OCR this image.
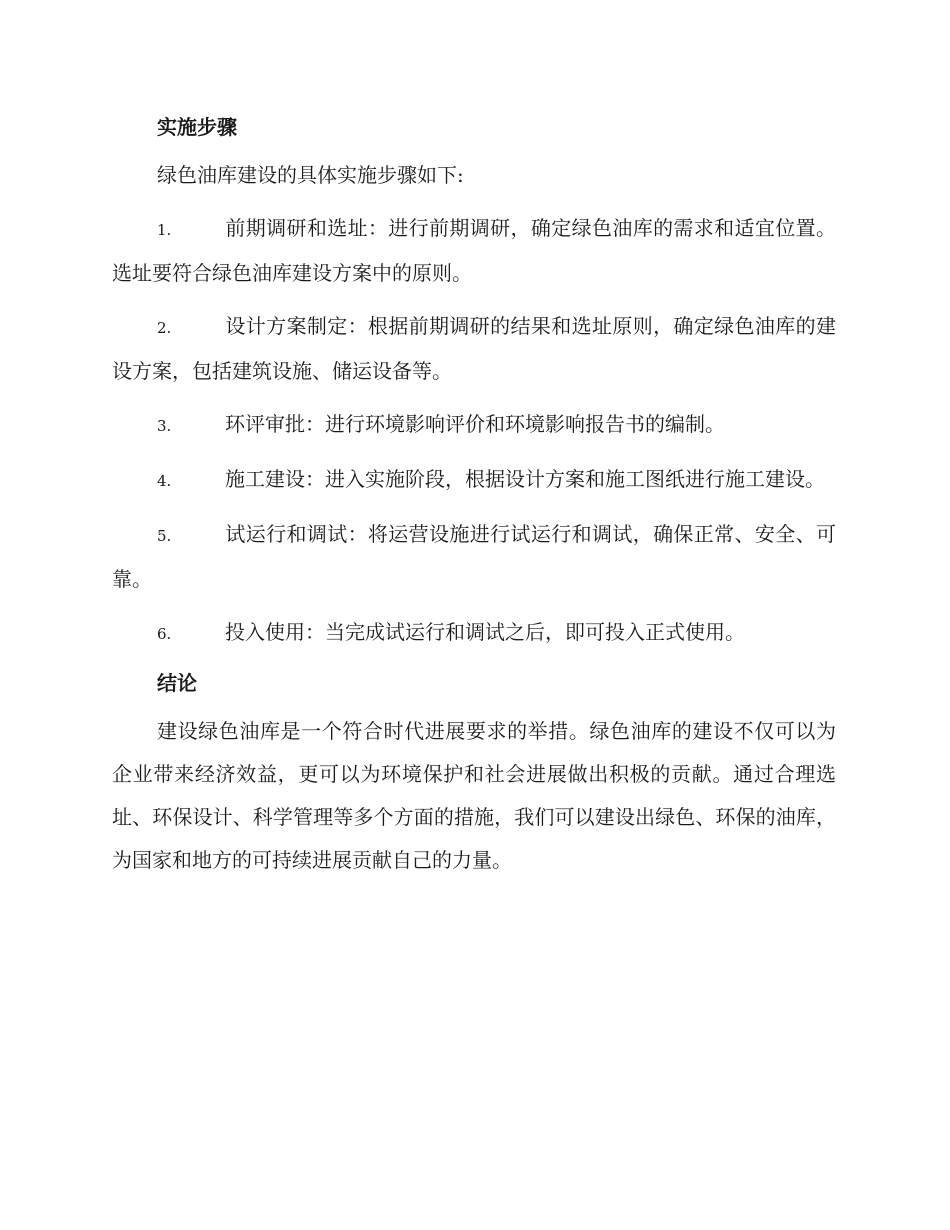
实施步骤

绿色油库建设的具体实施步骤如下:

1.	前期调研和选址：进行前期调研，确定绿色油库的需求和适宜位置。选址要符合绿色油库建设方案中的原则。

2.	设计方案制定：根据前期调研的结果和选址原则，确定绿色油库的建设方案，包括建筑设施、储运设备等。

3.	环评审批：进行环境影响评价和环境影响报告书的编制。

4.	施工建设：进入实施阶段，根据设计方案和施工图纸进行施工建设。

5.	试运行和调试：将运营设施进行试运行和调试，确保正常、安全、可靠。

6.	投入使用：当完成试运行和调试之后，即可投入正式使用。

结论

建设绿色油库是一个符合时代进展要求的举措。绿色油库的建设不仅可以为企业带来经济效益，更可以为环境保护和社会进展做出积极的贡献。通过合理选址、环保设计、科学管理等多个方面的措施，我们可以建设出绿色、环保的油库，为国家和地方的可持续进展贡献自己的力量。
